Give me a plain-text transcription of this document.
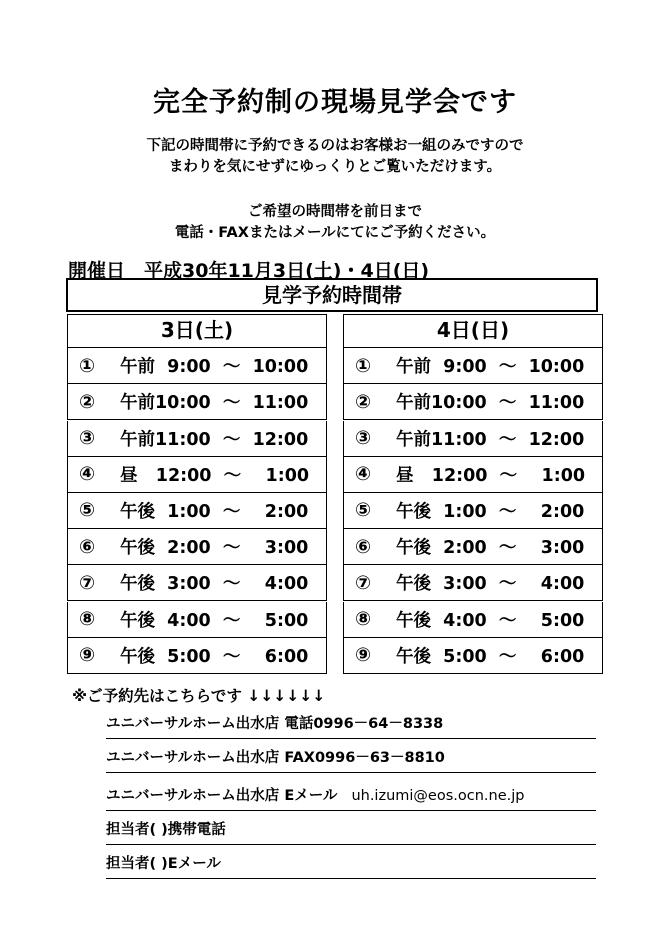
完全予約制の現場見学会です
下記の時間帯に予約できるのはお客様お一組のみですので
まわりを気にせずにゆっくりとご覧いただけます。
ご希望の時間帯を前日まで
電話・FAXまたはメールにてにご予約ください。
開催日　平成30年11月3日(土)・4日(日)
見学予約時間帯
3日(土)
①	午前  9:00  ～  10:00
②	午前10:00  ～  11:00
③	午前11:00  ～  12:00
④	昼   12:00  ～    1:00
⑤	午後  1:00  ～    2:00
⑥	午後  2:00  ～    3:00
⑦	午後  3:00  ～    4:00
⑧	午後  4:00  ～    5:00
⑨	午後  5:00  ～    6:00
4日(日)
①	午前  9:00  ～  10:00
②	午前10:00  ～  11:00
③	午前11:00  ～  12:00
④	昼   12:00  ～    1:00
⑤	午後  1:00  ～    2:00
⑥	午後  2:00  ～    3:00
⑦	午後  3:00  ～    4:00
⑧	午後  4:00  ～    5:00
⑨	午後  5:00  ～    6:00
※ご予約先はこちらです ↓↓↓↓↓↓
ユニバーサルホーム出水店 電話0996－64－8338
ユニバーサルホーム出水店 FAX0996－63－8810
ユニバーサルホーム出水店 Eメール uh.izumi@eos.ocn.ne.jp
担当者( )携帯電話
担当者( )Eメール
